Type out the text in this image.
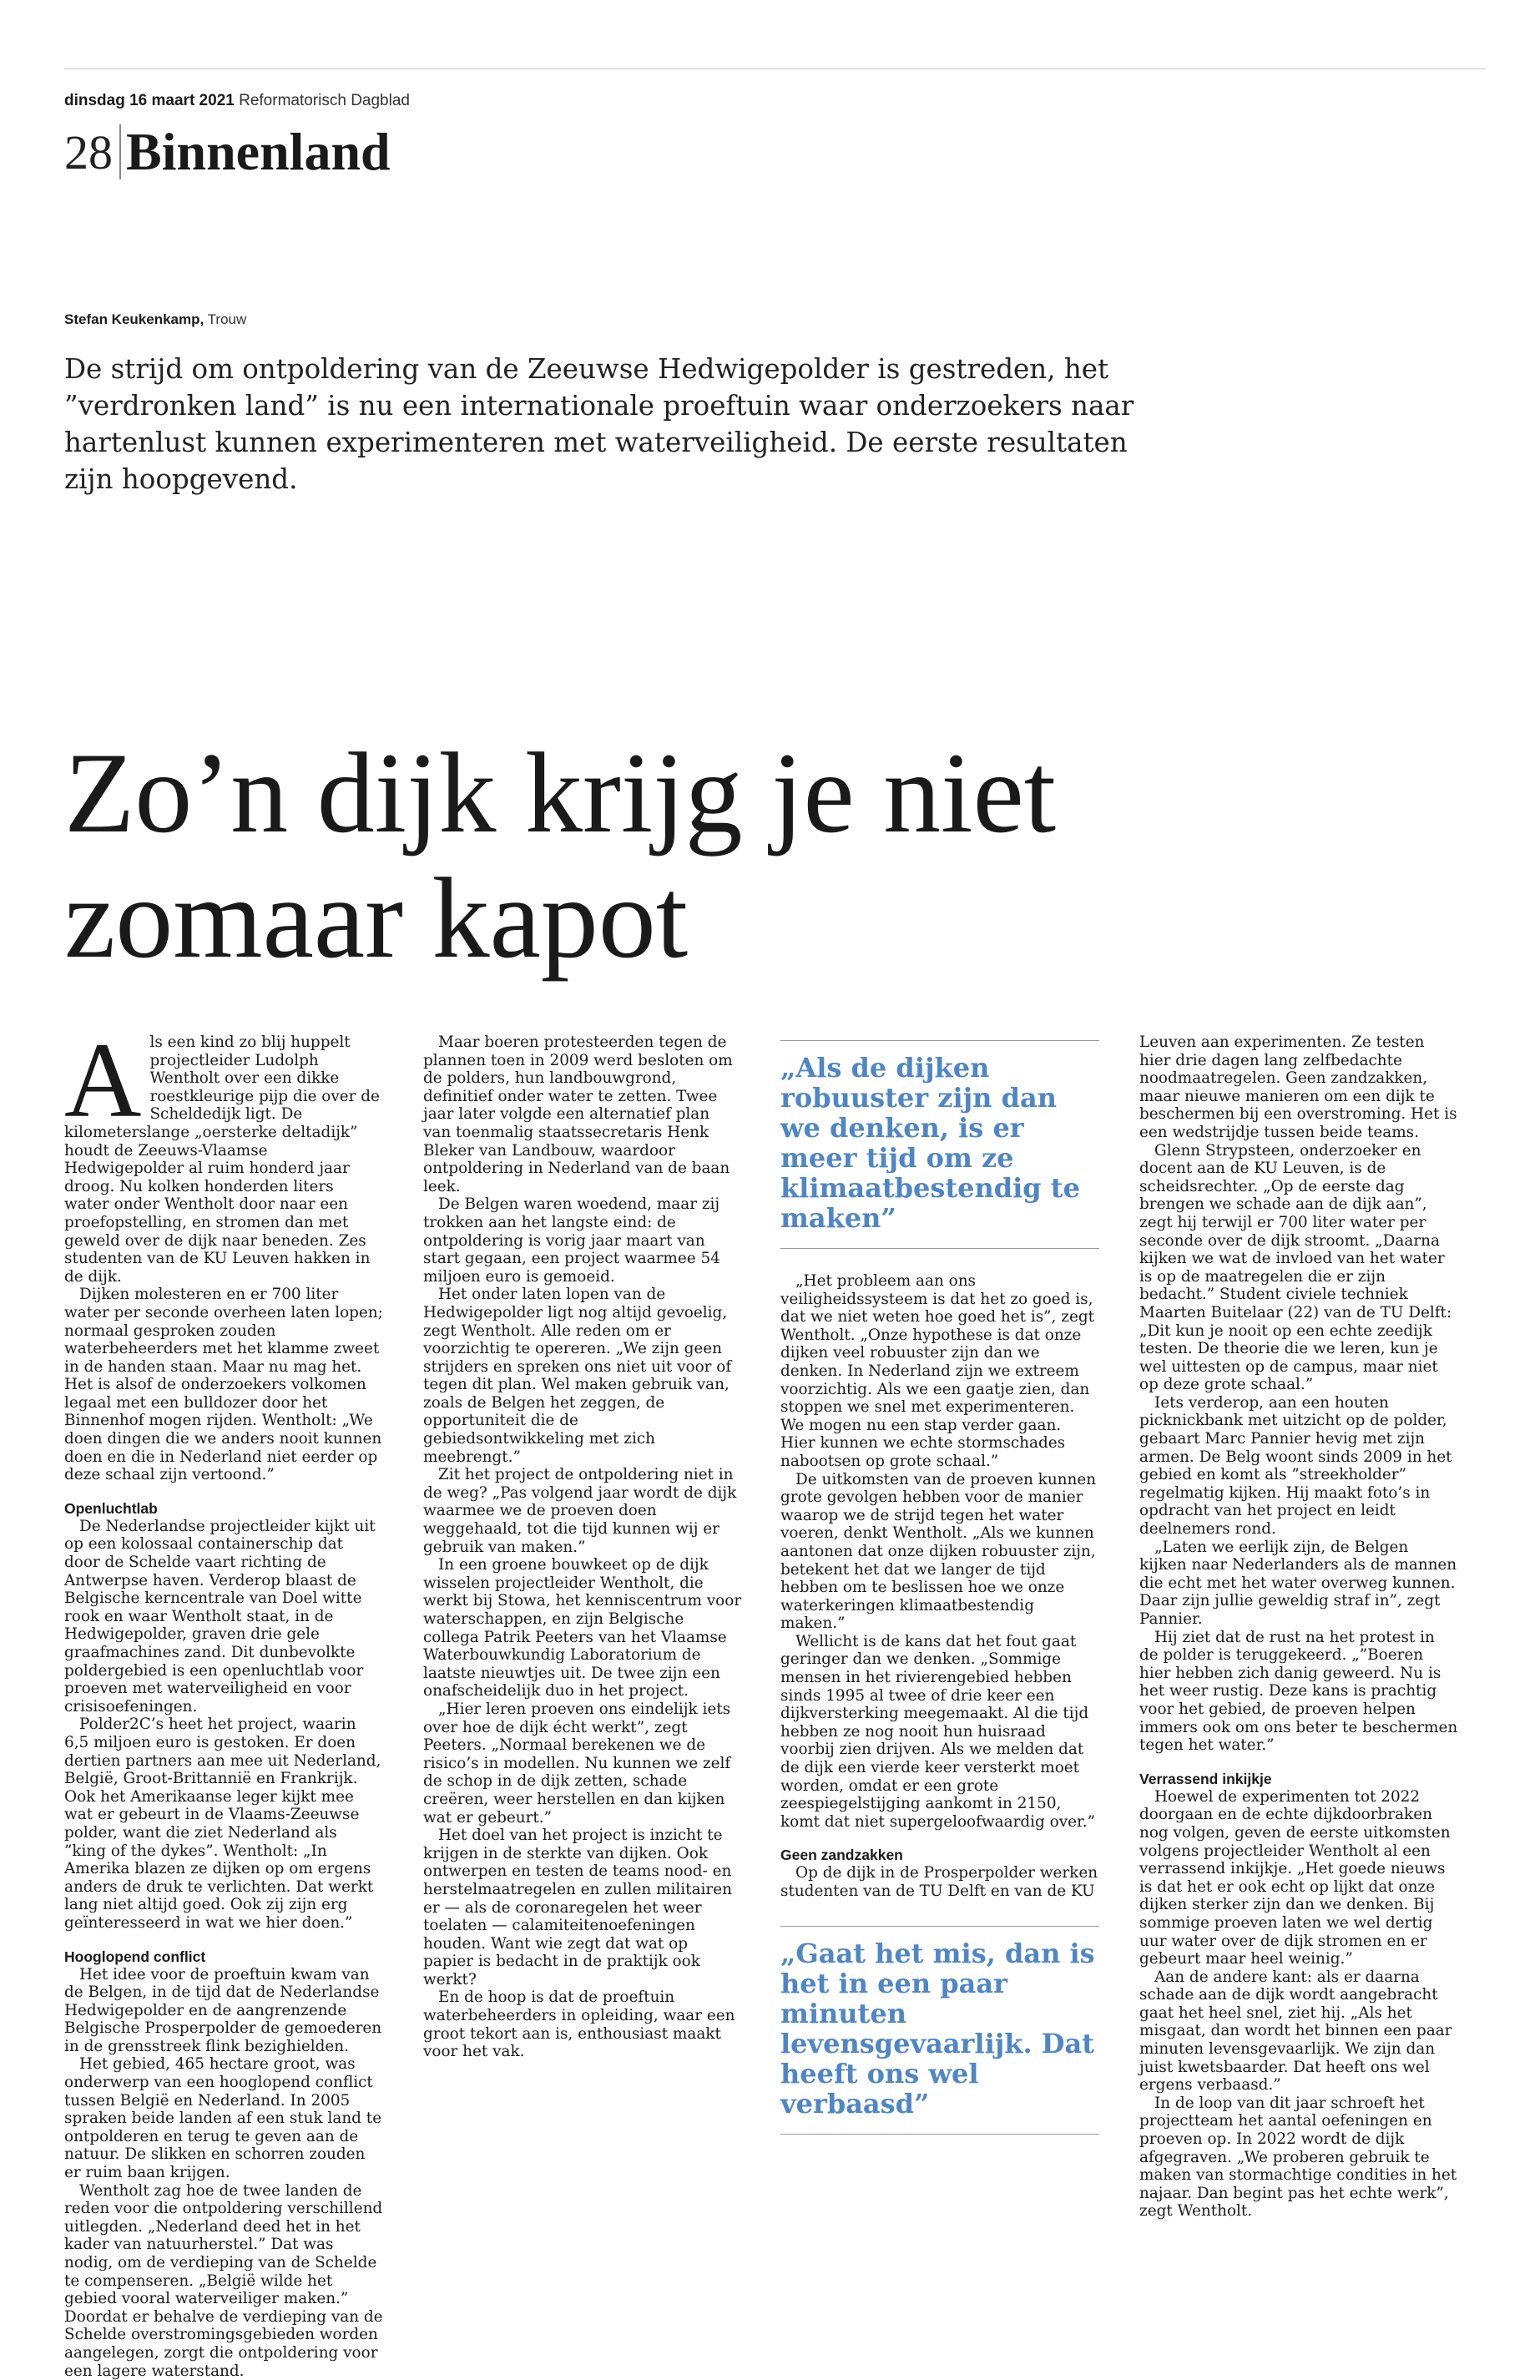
dinsdag 16 maart 2021 Reformatorisch Dagblad
28 Binnenland
Stefan Keukenkamp, Trouw

De strijd om ontpoldering van de Zeeuwse Hedwigepolder is gestreden, het ”verdronken land” is nu een internationale proeftuin waar onderzoekers naar hartenlust kunnen experimenteren met waterveiligheid. De eerste resultaten zijn hoopgevend.

Zo’n dijk krijg je niet zomaar kapot

Als een kind zo blij huppelt projectleider Ludolph Wentholt over een dikke roestkleurige pijp die over de Scheldedijk ligt. De kilometerslange „oersterke deltadijk” houdt de Zeeuws-Vlaamse Hedwigepolder al ruim honderd jaar droog. Nu kolken honderden liters water onder Wentholt door naar een proefopstelling, en stromen dan met geweld over de dijk naar beneden. Zes studenten van de KU Leuven hakken in de dijk.

Dijken molesteren en er 700 liter water per seconde overheen laten lopen; normaal gesproken zouden waterbeheerders met het klamme zweet in de handen staan. Maar nu mag het. Het is alsof de onderzoekers volkomen legaal met een bulldozer door het Binnenhof mogen rijden. Wentholt: „We doen dingen die we anders nooit kunnen doen en die in Nederland niet eerder op deze schaal zijn vertoond.”

Openluchtlab

De Nederlandse projectleider kijkt uit op een kolossaal containerschip dat door de Schelde vaart richting de Antwerpse haven. Verderop blaast de Belgische kerncentrale van Doel witte rook en waar Wentholt staat, in de Hedwigepolder, graven drie gele graafmachines zand. Dit dunbevolkte poldergebied is een openluchtlab voor proeven met waterveiligheid en voor crisisoefeningen.

Polder2C’s heet het project, waarin 6,5 miljoen euro is gestoken. Er doen dertien partners aan mee uit Nederland, België, Groot-Brittannië en Frankrijk. Ook het Amerikaanse leger kijkt mee wat er gebeurt in de Vlaams-Zeeuwse polder, want die ziet Nederland als ”king of the dykes”. Wentholt: „In Amerika blazen ze dijken op om ergens anders de druk te verlichten. Dat werkt lang niet altijd goed. Ook zij zijn erg geïnteresseerd in wat we hier doen.”

Hooglopend conflict

Het idee voor de proeftuin kwam van de Belgen, in de tijd dat de Nederlandse Hedwigepolder en de aangrenzende Belgische Prosperpolder de gemoederen in de grensstreek flink bezighielden.

Het gebied, 465 hectare groot, was onderwerp van een hooglopend conflict tussen België en Nederland. In 2005 spraken beide landen af een stuk land te ontpolderen en terug te geven aan de natuur. De slikken en schorren zouden er ruim baan krijgen.

Wentholt zag hoe de twee landen de reden voor die ontpoldering verschillend uitlegden. „Nederland deed het in het kader van natuurherstel.” Dat was nodig, om de verdieping van de Schelde te compenseren. „België wilde het gebied vooral waterveiliger maken.” Doordat er behalve de verdieping van de Schelde overstromingsgebieden worden aangelegen, zorgt die ontpoldering voor een lagere waterstand.

Maar boeren protesteerden tegen de plannen toen in 2009 werd besloten om de polders, hun landbouwgrond, definitief onder water te zetten. Twee jaar later volgde een alternatief plan van toenmalig staatssecretaris Henk Bleker van Landbouw, waardoor ontpoldering in Nederland van de baan leek.

De Belgen waren woedend, maar zij trokken aan het langste eind: de ontpoldering is vorig jaar maart van start gegaan, een project waarmee 54 miljoen euro is gemoeid.

Het onder laten lopen van de Hedwigepolder ligt nog altijd gevoelig, zegt Wentholt. Alle reden om er voorzichtig te opereren. „We zijn geen strijders en spreken ons niet uit voor of tegen dit plan. Wel maken gebruik van, zoals de Belgen het zeggen, de opportuniteit die de gebiedsontwikkeling met zich meebrengt.”

Zit het project de ontpoldering niet in de weg? „Pas volgend jaar wordt de dijk waarmee we de proeven doen weggehaald, tot die tijd kunnen wij er gebruik van maken.”

In een groene bouwkeet op de dijk wisselen projectleider Wentholt, die werkt bij Stowa, het kenniscentrum voor waterschappen, en zijn Belgische collega Patrik Peeters van het Vlaamse Waterbouwkundig Laboratorium de laatste nieuwtjes uit. De twee zijn een onafscheidelijk duo in het project.

„Hier leren proeven ons eindelijk iets over hoe de dijk écht werkt”, zegt Peeters. „Normaal berekenen we de risico’s in modellen. Nu kunnen we zelf de schop in de dijk zetten, schade creëren, weer herstellen en dan kijken wat er gebeurt.”

Het doel van het project is inzicht te krijgen in de sterkte van dijken. Ook ontwerpen en testen de teams nood- en herstelmaatregelen en zullen militairen er — als de coronaregelen het weer toelaten — calamiteitenoefeningen houden. Want wie zegt dat wat op papier is bedacht in de praktijk ook werkt?

En de hoop is dat de proeftuin waterbeheerders in opleiding, waar een groot tekort aan is, enthousiast maakt voor het vak.

„Als de dijken robuuster zijn dan we denken, is er meer tijd om ze klimaatbestendig te maken”

„Het probleem aan ons veiligheidssysteem is dat het zo goed is, dat we niet weten hoe goed het is”, zegt Wentholt. „Onze hypothese is dat onze dijken veel robuuster zijn dan we denken. In Nederland zijn we extreem voorzichtig. Als we een gaatje zien, dan stoppen we snel met experimenteren. We mogen nu een stap verder gaan. Hier kunnen we echte stormschades nabootsen op grote schaal.”

De uitkomsten van de proeven kunnen grote gevolgen hebben voor de manier waarop we de strijd tegen het water voeren, denkt Wentholt. „Als we kunnen aantonen dat onze dijken robuuster zijn, betekent het dat we langer de tijd hebben om te beslissen hoe we onze waterkeringen klimaatbestendig maken.”

Wellicht is de kans dat het fout gaat geringer dan we denken. „Sommige mensen in het rivierengebied hebben sinds 1995 al twee of drie keer een dijkversterking meegemaakt. Al die tijd hebben ze nog nooit hun huisraad voorbij zien drijven. Als we melden dat de dijk een vierde keer versterkt moet worden, omdat er een grote zeespiegelstijging aankomt in 2150, komt dat niet supergeloofwaardig over.”

Geen zandzakken

Op de dijk in de Prosperpolder werken studenten van de TU Delft en van de KU

„Gaat het mis, dan is het in een paar minuten levensgevaarlijk. Dat heeft ons wel verbaasd”

Leuven aan experimenten. Ze testen hier drie dagen lang zelfbedachte noodmaatregelen. Geen zandzakken, maar nieuwe manieren om een dijk te beschermen bij een overstroming. Het is een wedstrijdje tussen beide teams.

Glenn Strypsteen, onderzoeker en docent aan de KU Leuven, is de scheidsrechter. „Op de eerste dag brengen we schade aan de dijk aan”, zegt hij terwijl er 700 liter water per seconde over de dijk stroomt. „Daarna kijken we wat de invloed van het water is op de maatregelen die er zijn bedacht.” Student civiele techniek Maarten Buitelaar (22) van de TU Delft: „Dit kun je nooit op een echte zeedijk testen. De theorie die we leren, kun je wel uittesten op de campus, maar niet op deze grote schaal.”

Iets verderop, aan een houten picknickbank met uitzicht op de polder, gebaart Marc Pannier hevig met zijn armen. De Belg woont sinds 2009 in het gebied en komt als ”streekholder” regelmatig kijken. Hij maakt foto’s in opdracht van het project en leidt deelnemers rond.

„Laten we eerlijk zijn, de Belgen kijken naar Nederlanders als de mannen die echt met het water overweg kunnen. Daar zijn jullie geweldig straf in”, zegt Pannier.

Hij ziet dat de rust na het protest in de polder is teruggekeerd. „”Boeren hier hebben zich danig geweerd. Nu is het weer rustig. Deze kans is prachtig voor het gebied, de proeven helpen immers ook om ons beter te beschermen tegen het water.”

Verrassend inkijkje

Hoewel de experimenten tot 2022 doorgaan en de echte dijkdoorbraken nog volgen, geven de eerste uitkomsten volgens projectleider Wentholt al een verrassend inkijkje. „Het goede nieuws is dat het er ook echt op lijkt dat onze dijken sterker zijn dan we denken. Bij sommige proeven laten we wel dertig uur water over de dijk stromen en er gebeurt maar heel weinig.”

Aan de andere kant: als er daarna schade aan de dijk wordt aangebracht gaat het heel snel, ziet hij. „Als het misgaat, dan wordt het binnen een paar minuten levensgevaarlijk. We zijn dan juist kwetsbaarder. Dat heeft ons wel ergens verbaasd.”

In de loop van dit jaar schroeft het projectteam het aantal oefeningen en proeven op. In 2022 wordt de dijk afgegraven. „We proberen gebruik te maken van stormachtige condities in het najaar. Dan begint pas het echte werk”, zegt Wentholt.
